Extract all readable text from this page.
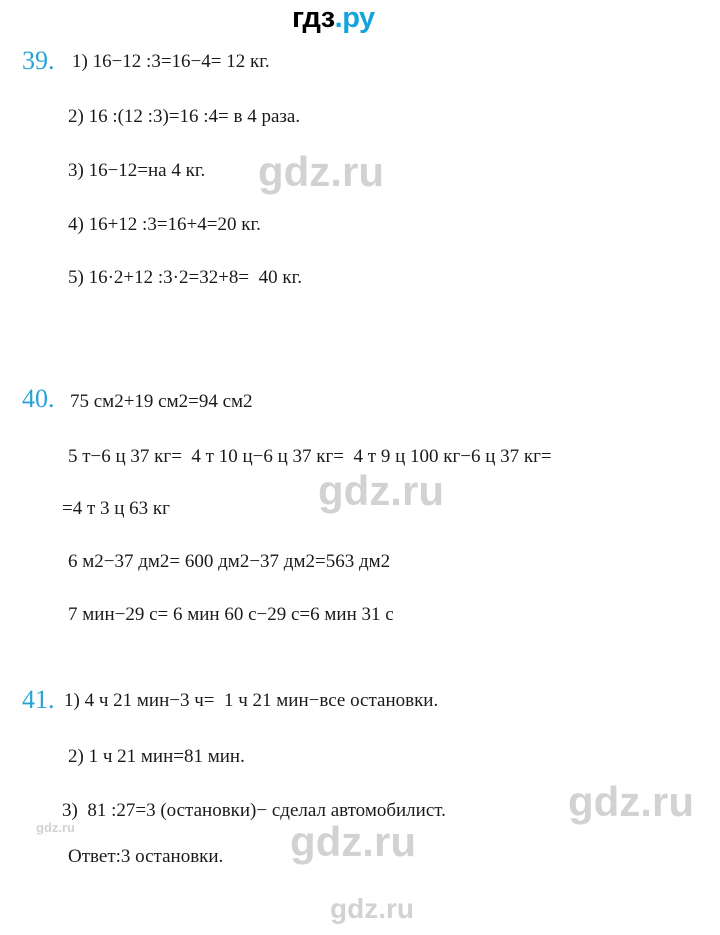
гдз.ру
39. 1) 16−12 :3=16−4= 12 кг.
2) 16 :(12 :3)=16 :4= в 4 раза.
3) 16−12=на 4 кг.
4) 16+12 :3=16+4=20 кг.
5) 16·2+12 :3·2=32+8=  40 кг.
40. 75 см2+19 см2=94 см2
5 т−6 ц 37 кг=  4 т 10 ц−6 ц 37 кг=  4 т 9 ц 100 кг−6 ц 37 кг=
=4 т 3 ц 63 кг
6 м2−37 дм2= 600 дм2−37 дм2=563 дм2
7 мин−29 с= 6 мин 60 с−29 с=6 мин 31 с
41. 1) 4 ч 21 мин−3 ч=  1 ч 21 мин−все остановки.
2) 1 ч 21 мин=81 мин.
3)  81 :27=3 (остановки)− сделал автомобилист.
Ответ:3 остановки.
gdz.ru
gdz.ru
gdz.ru
gdz.ru
gdz.ru
gdz.ru
